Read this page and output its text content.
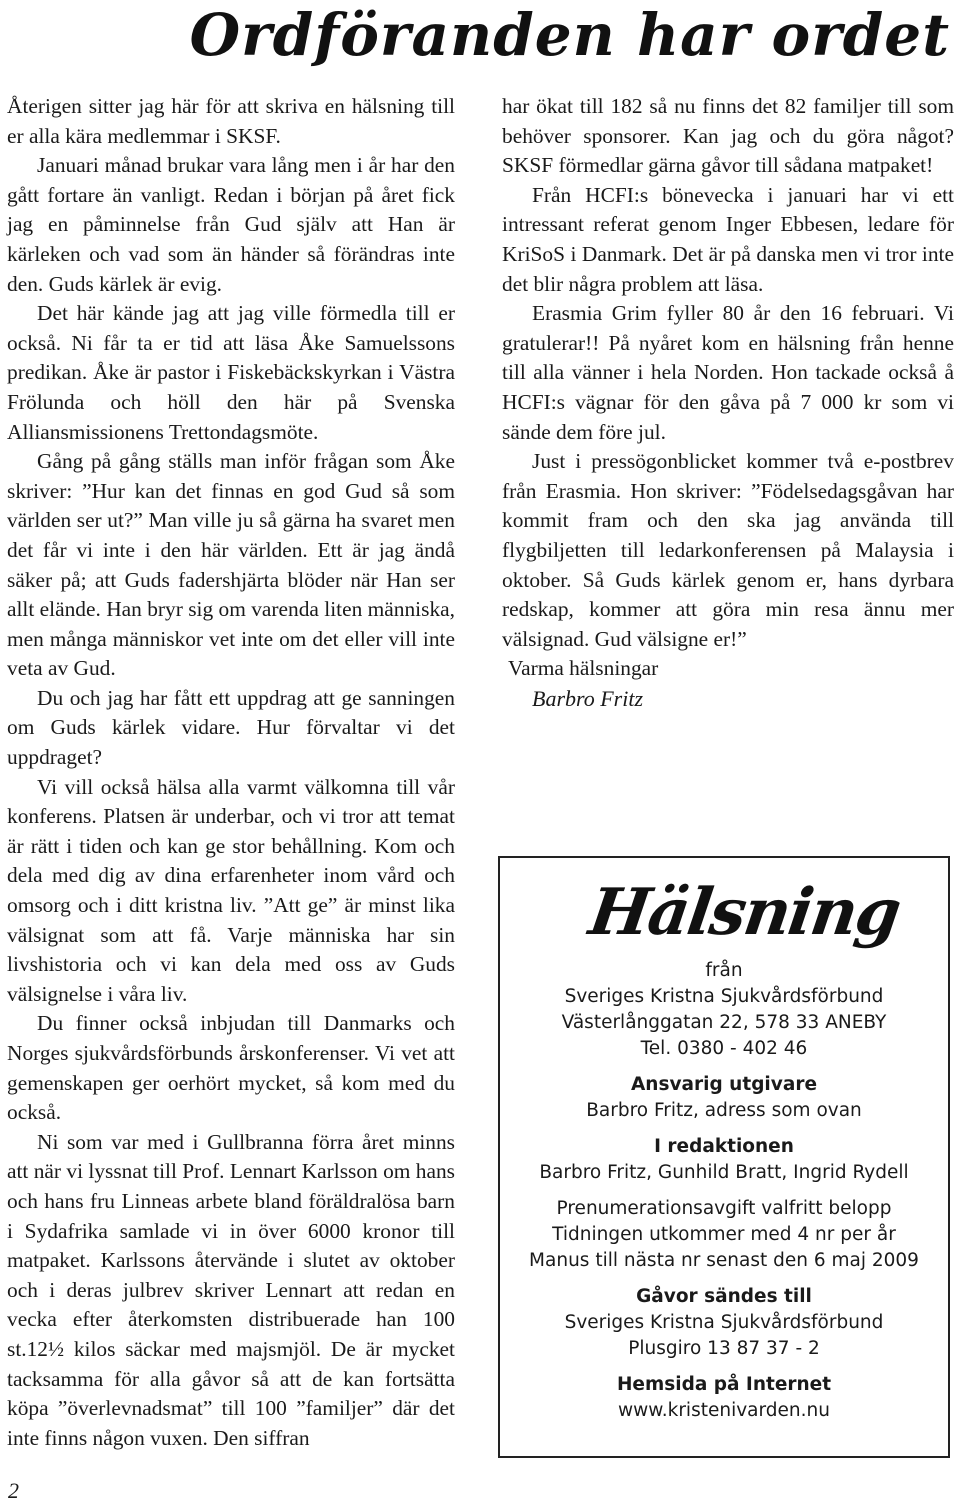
Ordföranden har ordet

Återigen sitter jag här för att skriva en hälsning till er alla kära medlemmar i SKSF.

Januari månad brukar vara lång men i år har den gått fortare än vanligt. Redan i början på året fick jag en påminnelse från Gud själv att Han är kärleken och vad som än händer så förändras inte den. Guds kärlek är evig.

Det här kände jag att jag ville förmedla till er också. Ni får ta er tid att läsa Åke Samuelssons predikan. Åke är pastor i Fiskebäckskyrkan i Västra Frölunda och höll den här på Svenska Alliansmissionens Trettondagsmöte.

Gång på gång ställs man inför frågan som Åke skriver: ”Hur kan det finnas en god Gud så som världen ser ut?” Man ville ju så gärna ha svaret men det får vi inte i den här världen. Ett är jag ändå säker på; att Guds fadershjärta blöder när Han ser allt elände. Han bryr sig om varenda liten människa, men många människor vet inte om det eller vill inte veta av Gud.

Du och jag har fått ett uppdrag att ge sanningen om Guds kärlek vidare. Hur förvaltar vi det uppdraget?

Vi vill också hälsa alla varmt välkomna till vår konferens. Platsen är underbar, och vi tror att temat är rätt i tiden och kan ge stor behållning. Kom och dela med dig av dina erfarenheter inom vård och omsorg och i ditt kristna liv. ”Att ge” är minst lika välsignat som att få. Varje människa har sin livshistoria och vi kan dela med oss av Guds välsignelse i våra liv.

Du finner också inbjudan till Danmarks och Norges sjukvårdsförbunds årskonferenser. Vi vet att gemenskapen ger oerhört mycket, så kom med du också.

Ni som var med i Gullbranna förra året minns att när vi lyssnat till Prof. Lennart Karlsson om hans och hans fru Linneas arbete bland föräldralösa barn i Sydafrika samlade vi in över 6000 kronor till matpaket. Karlssons återvände i slutet av oktober och i deras julbrev skriver Lennart att redan en vecka efter återkomsten distribuerade han 100 st.12½ kilos säckar med majsmjöl. De är mycket tacksamma för alla gåvor så att de kan fortsätta köpa ”överlevnadsmat” till 100 ”familjer” där det inte finns någon vuxen. Den siffran

har ökat till 182 så nu finns det 82 familjer till som behöver sponsorer. Kan jag och du göra något? SKSF förmedlar gärna gåvor till sådana matpaket!

Från HCFI:s bönevecka i januari har vi ett intressant referat genom Inger Ebbesen, ledare för KriSoS i Danmark. Det är på danska men vi tror inte det blir några problem att läsa.

Erasmia Grim fyller 80 år den 16 februari. Vi gratulerar!! På nyåret kom en hälsning från henne till alla vänner i hela Norden. Hon tackade också å HCFI:s vägnar för den gåva på 7 000 kr som vi sände dem före jul.

Just i pressögonblicket kommer två e-postbrev från Erasmia. Hon skriver: ”Födelsedagsgåvan har kommit fram och den ska jag använda till flygbiljetten till ledarkonferensen på Malaysia i oktober. Så Guds kärlek genom er, hans dyrbara redskap, kommer att göra min resa ännu mer välsignad. Gud välsigne er!”

Varma hälsningar

Barbro Fritz

Hälsning
från
Sveriges Kristna Sjukvårdsförbund
Västerlånggatan 22, 578 33 ANEBY
Tel. 0380 - 402 46
Ansvarig utgivare
Barbro Fritz, adress som ovan
I redaktionen
Barbro Fritz, Gunhild Bratt, Ingrid Rydell
Prenumerationsavgift valfritt belopp
Tidningen utkommer med 4 nr per år
Manus till nästa nr senast den 6 maj 2009
Gåvor sändes till
Sveriges Kristna Sjukvårdsförbund
Plusgiro 13 87 37 - 2
Hemsida på Internet
www.kristenivarden.nu
2
